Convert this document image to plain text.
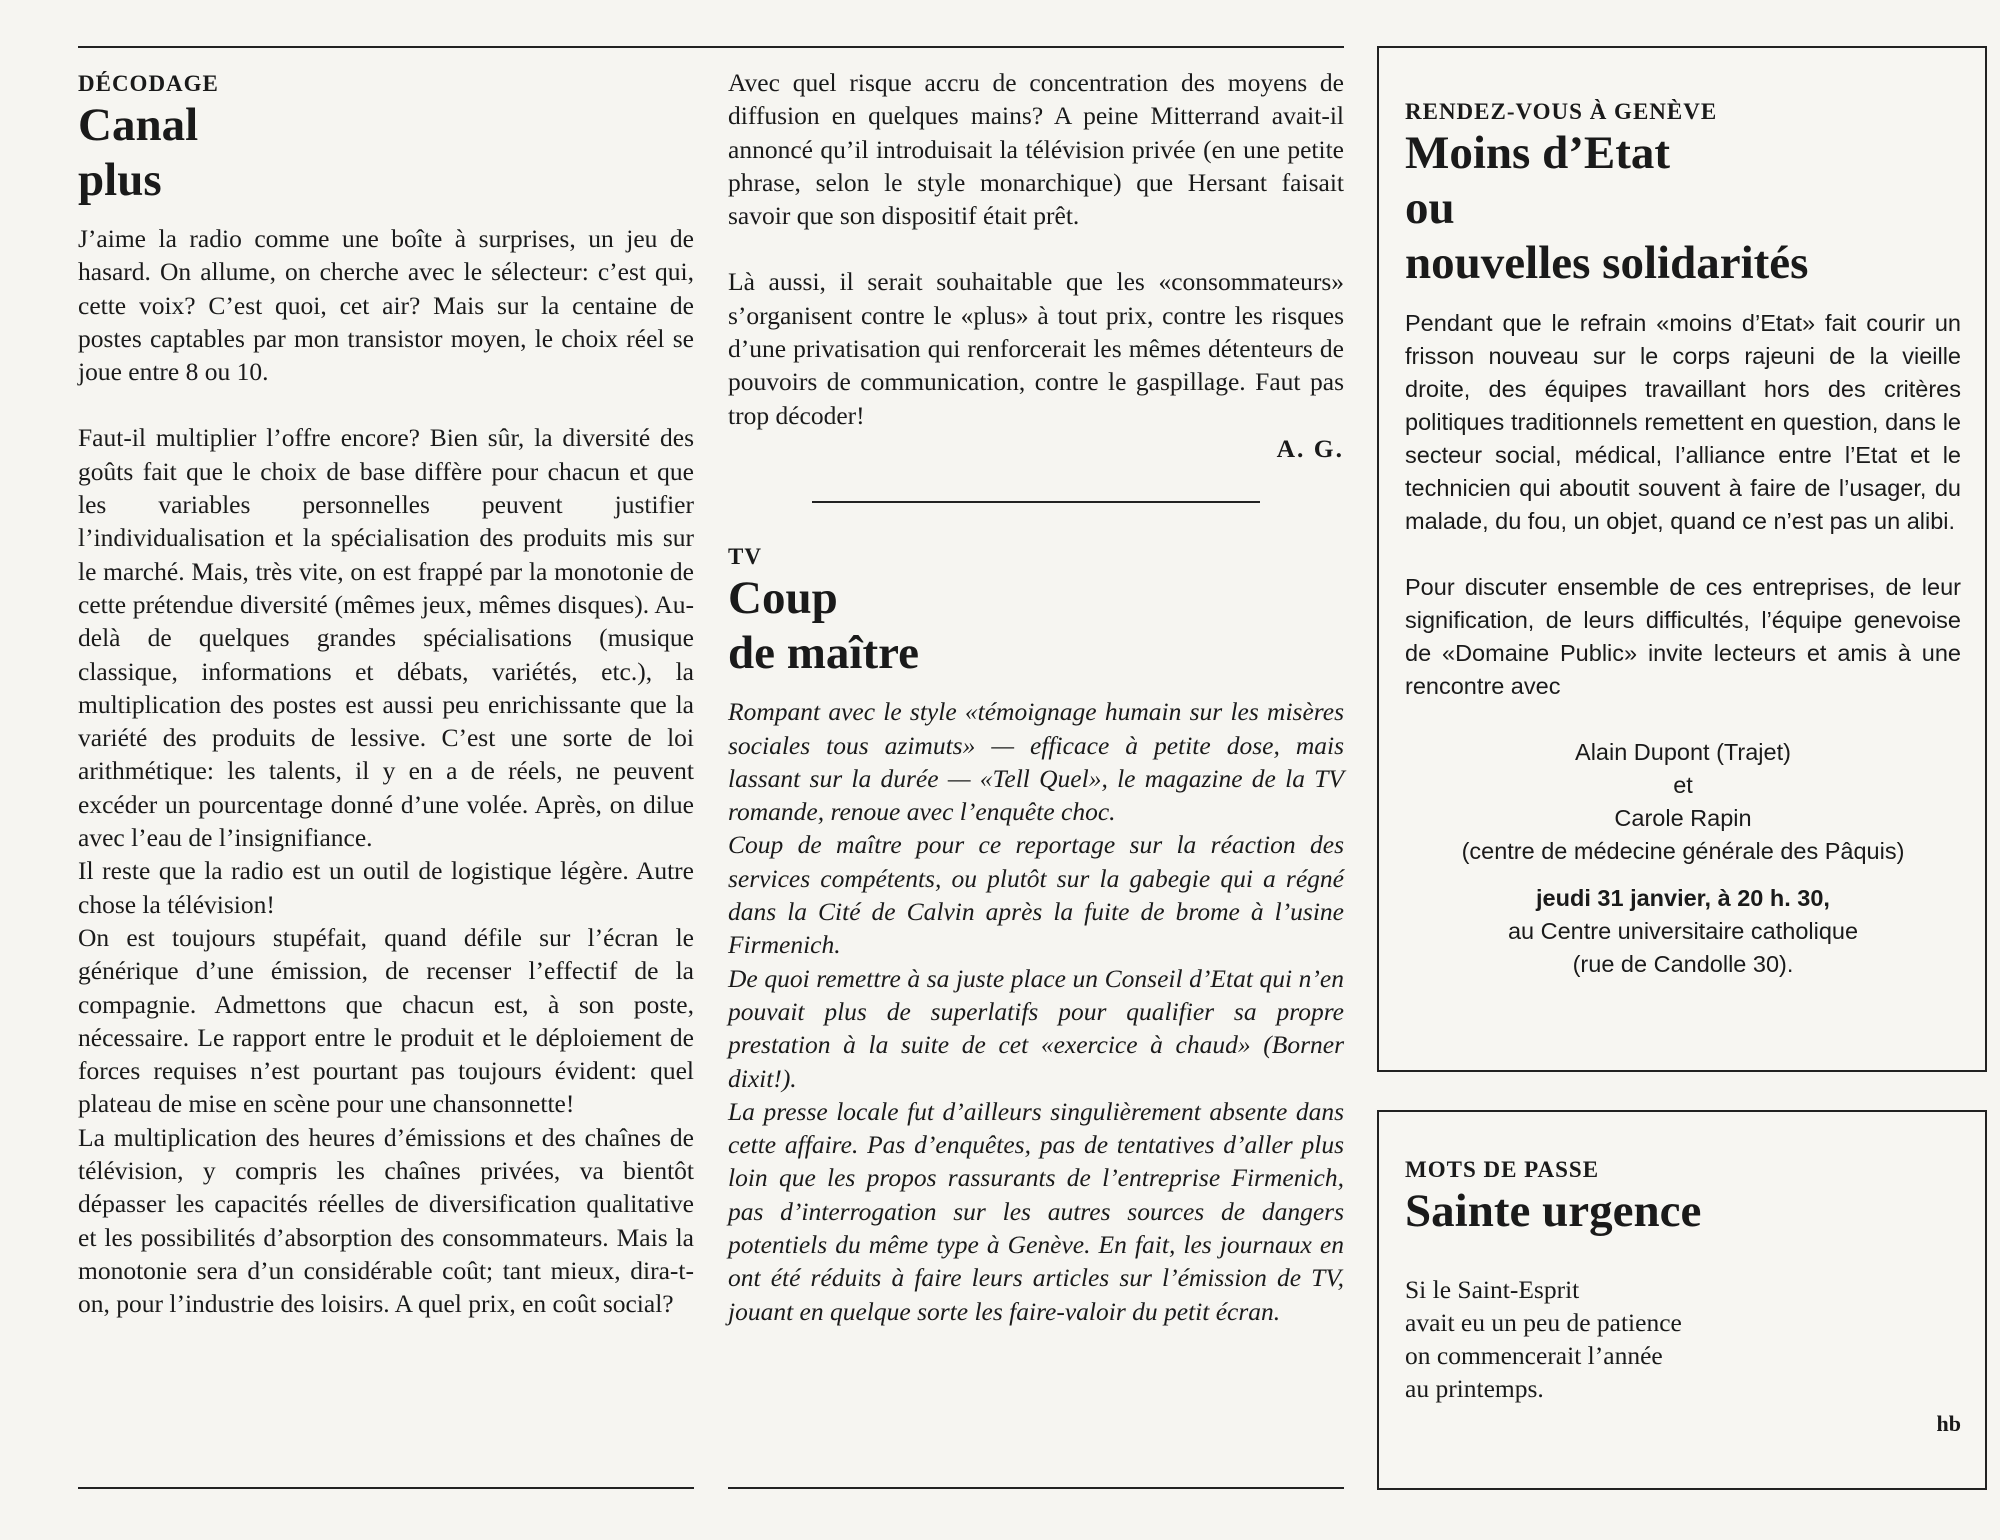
DÉCODAGE
Canal
plus

J’aime la radio comme une boîte à surprises, un jeu de hasard. On allume, on cherche avec le sélecteur: c’est qui, cette voix? C’est quoi, cet air? Mais sur la centaine de postes captables par mon transistor moyen, le choix réel se joue entre 8 ou 10.

Faut-il multiplier l’offre encore? Bien sûr, la diversité des goûts fait que le choix de base diffère pour chacun et que les variables personnelles peuvent justifier l’individualisation et la spécialisation des produits mis sur le marché. Mais, très vite, on est frappé par la monotonie de cette prétendue diversité (mêmes jeux, mêmes disques). Au-delà de quelques grandes spécialisations (musique classique, informations et débats, variétés, etc.), la multiplication des postes est aussi peu enrichissante que la variété des produits de lessive. C’est une sorte de loi arithmétique: les talents, il y en a de réels, ne peuvent excéder un pourcentage donné d’une volée. Après, on dilue avec l’eau de l’insignifiance.

Il reste que la radio est un outil de logistique légère. Autre chose la télévision!

On est toujours stupéfait, quand défile sur l’écran le générique d’une émission, de recenser l’effectif de la compagnie. Admettons que chacun est, à son poste, nécessaire. Le rapport entre le produit et le déploiement de forces requises n’est pourtant pas toujours évident: quel plateau de mise en scène pour une chansonnette!

La multiplication des heures d’émissions et des chaînes de télévision, y compris les chaînes privées, va bientôt dépasser les capacités réelles de diversification qualitative et les possibilités d’absorption des consommateurs. Mais la monotonie sera d’un considérable coût; tant mieux, dira-t-on, pour l’industrie des loisirs. A quel prix, en coût social?

Avec quel risque accru de concentration des moyens de diffusion en quelques mains? A peine Mitterrand avait-il annoncé qu’il introduisait la télévision privée (en une petite phrase, selon le style monarchique) que Hersant faisait savoir que son dispositif était prêt.

Là aussi, il serait souhaitable que les «consommateurs» s’organisent contre le «plus» à tout prix, contre les risques d’une privatisation qui renforcerait les mêmes détenteurs de pouvoirs de communication, contre le gaspillage. Faut pas trop décoder!

A. G.

TV
Coup
de maître

Rompant avec le style «témoignage humain sur les misères sociales tous azimuts» — efficace à petite dose, mais lassant sur la durée — «Tell Quel», le magazine de la TV romande, renoue avec l’enquête choc.

Coup de maître pour ce reportage sur la réaction des services compétents, ou plutôt sur la gabegie qui a régné dans la Cité de Calvin après la fuite de brome à l’usine Firmenich.

De quoi remettre à sa juste place un Conseil d’Etat qui n’en pouvait plus de superlatifs pour qualifier sa propre prestation à la suite de cet «exercice à chaud» (Borner dixit!).

La presse locale fut d’ailleurs singulièrement absente dans cette affaire. Pas d’enquêtes, pas de tentatives d’aller plus loin que les propos rassurants de l’entreprise Firmenich, pas d’interrogation sur les autres sources de dangers potentiels du même type à Genève. En fait, les journaux en ont été réduits à faire leurs articles sur l’émission de TV, jouant en quelque sorte les faire-valoir du petit écran.

RENDEZ-VOUS À GENÈVE
Moins d’Etat
ou
nouvelles solidarités

Pendant que le refrain «moins d’Etat» fait courir un frisson nouveau sur le corps rajeuni de la vieille droite, des équipes travaillant hors des critères politiques traditionnels remettent en question, dans le secteur social, médical, l’alliance entre l’Etat et le technicien qui aboutit souvent à faire de l’usager, du malade, du fou, un objet, quand ce n’est pas un alibi.

Pour discuter ensemble de ces entreprises, de leur signification, de leurs difficultés, l’équipe genevoise de «Domaine Public» invite lecteurs et amis à une rencontre avec

Alain Dupont (Trajet)
et
Carole Rapin
(centre de médecine générale des Pâquis)
jeudi 31 janvier, à 20 h. 30,
au Centre universitaire catholique
(rue de Candolle 30).
MOTS DE PASSE
Sainte urgence
Si le Saint-Esprit
avait eu un peu de patience
on commencerait l’année
au printemps.
hb
